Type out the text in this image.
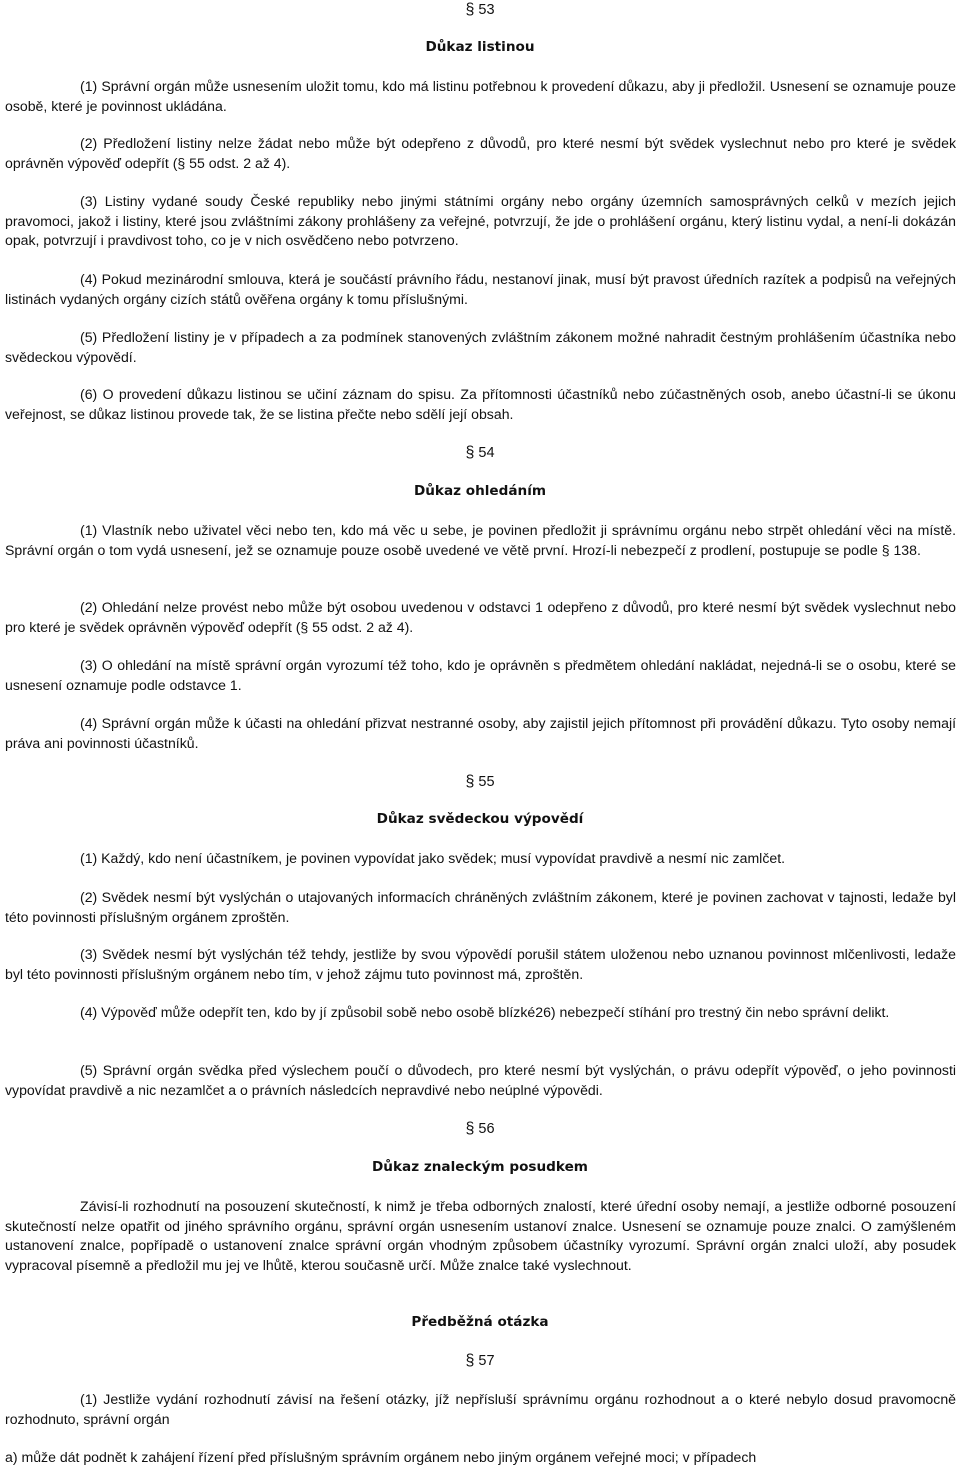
§ 53
Důkaz listinou

(1) Správní orgán může usnesením uložit tomu, kdo má listinu potřebnou k provedení důkazu, aby ji předložil. Usnesení se oznamuje pouze osobě, které je povinnost ukládána.

(2) Předložení listiny nelze žádat nebo může být odepřeno z důvodů, pro které nesmí být svědek vyslechnut nebo pro které je svědek oprávněn výpověď odepřít (§ 55 odst. 2 až 4).

(3) Listiny vydané soudy České republiky nebo jinými státními orgány nebo orgány územních samosprávných celků v mezích jejich pravomoci, jakož i listiny, které jsou zvláštními zákony prohlášeny za veřejné, potvrzují, že jde o prohlášení orgánu, který listinu vydal, a není-li dokázán opak, potvrzují i pravdivost toho, co je v nich osvědčeno nebo potvrzeno.

(4) Pokud mezinárodní smlouva, která je součástí právního řádu, nestanoví jinak, musí být pravost úředních razítek a podpisů na veřejných listinách vydaných orgány cizích států ověřena orgány k tomu příslušnými.

(5) Předložení listiny je v případech a za podmínek stanovených zvláštním zákonem možné nahradit čestným prohlášením účastníka nebo svědeckou výpovědí.

(6) O provedení důkazu listinou se učiní záznam do spisu. Za přítomnosti účastníků nebo zúčastněných osob, anebo účastní-li se úkonu veřejnost, se důkaz listinou provede tak, že se listina přečte nebo sdělí její obsah.

§ 54
Důkaz ohledáním

(1) Vlastník nebo uživatel věci nebo ten, kdo má věc u sebe, je povinen předložit ji správnímu orgánu nebo strpět ohledání věci na místě. Správní orgán o tom vydá usnesení, jež se oznamuje pouze osobě uvedené ve větě první. Hrozí-li nebezpečí z prodlení, postupuje se podle § 138.

(2) Ohledání nelze provést nebo může být osobou uvedenou v odstavci 1 odepřeno z důvodů, pro které nesmí být svědek vyslechnut nebo pro které je svědek oprávněn výpověď odepřít (§ 55 odst. 2 až 4).

(3) O ohledání na místě správní orgán vyrozumí též toho, kdo je oprávněn s předmětem ohledání nakládat, nejedná-li se o osobu, které se usnesení oznamuje podle odstavce 1.

(4) Správní orgán může k účasti na ohledání přizvat nestranné osoby, aby zajistil jejich přítomnost při provádění důkazu. Tyto osoby nemají práva ani povinnosti účastníků.

§ 55
Důkaz svědeckou výpovědí

(1) Každý, kdo není účastníkem, je povinen vypovídat jako svědek; musí vypovídat pravdivě a nesmí nic zamlčet.

(2) Svědek nesmí být vyslýchán o utajovaných informacích chráněných zvláštním zákonem, které je povinen zachovat v tajnosti, ledaže byl této povinnosti příslušným orgánem zproštěn.

(3) Svědek nesmí být vyslýchán též tehdy, jestliže by svou výpovědí porušil státem uloženou nebo uznanou povinnost mlčenlivosti, ledaže byl této povinnosti příslušným orgánem nebo tím, v jehož zájmu tuto povinnost má, zproštěn.

(4) Výpověď může odepřít ten, kdo by jí způsobil sobě nebo osobě blízké26) nebezpečí stíhání pro trestný čin nebo správní delikt.

(5) Správní orgán svědka před výslechem poučí o důvodech, pro které nesmí být vyslýchán, o právu odepřít výpověď, o jeho povinnosti vypovídat pravdivě a nic nezamlčet a o právních následcích nepravdivé nebo neúplné výpovědi.

§ 56
Důkaz znaleckým posudkem

Závisí-li rozhodnutí na posouzení skutečností, k nimž je třeba odborných znalostí, které úřední osoby nemají, a jestliže odborné posouzení skutečností nelze opatřit od jiného správního orgánu, správní orgán usnesením ustanoví znalce. Usnesení se oznamuje pouze znalci. O zamýšleném ustanovení znalce, popřípadě o ustanovení znalce správní orgán vhodným způsobem účastníky vyrozumí. Správní orgán znalci uloží, aby posudek vypracoval písemně a předložil mu jej ve lhůtě, kterou současně určí. Může znalce také vyslechnout.

Předběžná otázka
§ 57

(1) Jestliže vydání rozhodnutí závisí na řešení otázky, jíž nepřísluší správnímu orgánu rozhodnout a o které nebylo dosud pravomocně rozhodnuto, správní orgán

a) může dát podnět k zahájení řízení před příslušným správním orgánem nebo jiným orgánem veřejné moci; v případech
